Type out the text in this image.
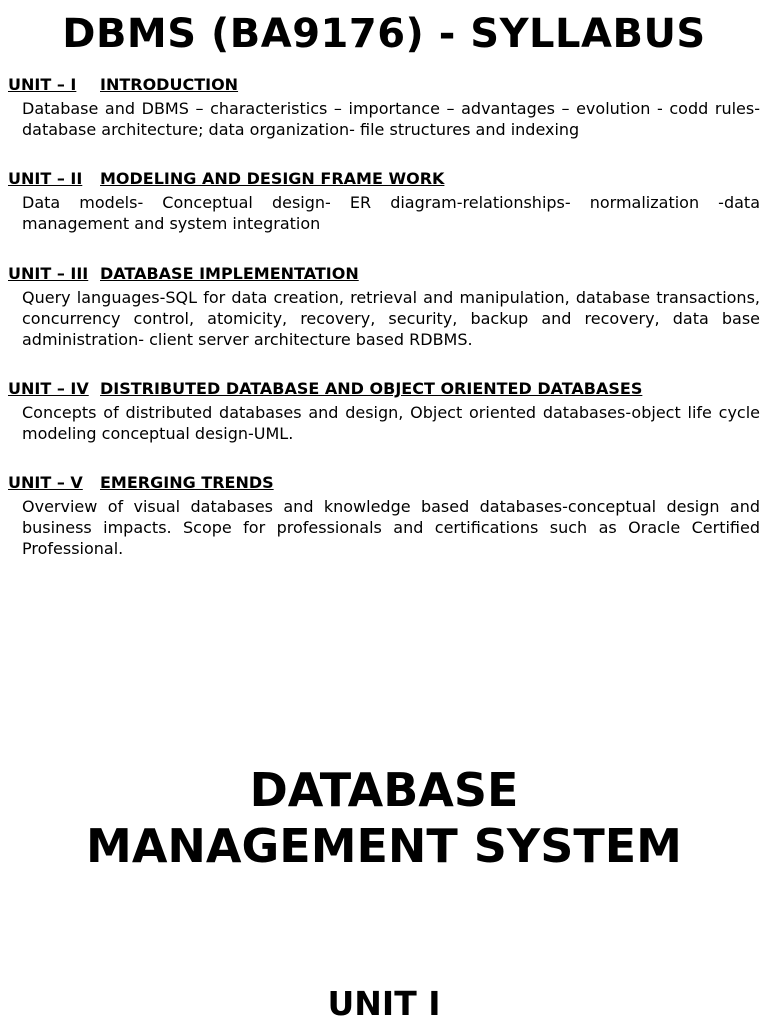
DBMS (BA9176) - SYLLABUS
UNIT – I INTRODUCTION
Database and DBMS – characteristics – importance – advantages – evolution - codd rules-database architecture; data organization- file structures and indexing
UNIT – II MODELING AND DESIGN FRAME WORK
Data models- Conceptual design- ER diagram-relationships- normalization -data management and system integration
UNIT – III DATABASE IMPLEMENTATION
Query languages-SQL for data creation, retrieval and manipulation, database transactions, concurrency control, atomicity, recovery, security, backup and recovery, data base administration- client server architecture based RDBMS.
UNIT – IV DISTRIBUTED DATABASE AND OBJECT ORIENTED DATABASES
Concepts of distributed databases and design, Object oriented databases-object life cycle modeling conceptual design-UML.
UNIT – V EMERGING TRENDS
Overview of visual databases and knowledge based databases-conceptual design and business impacts. Scope for professionals and certifications such as Oracle Certified Professional.
DATABASE
MANAGEMENT SYSTEM
UNIT I
